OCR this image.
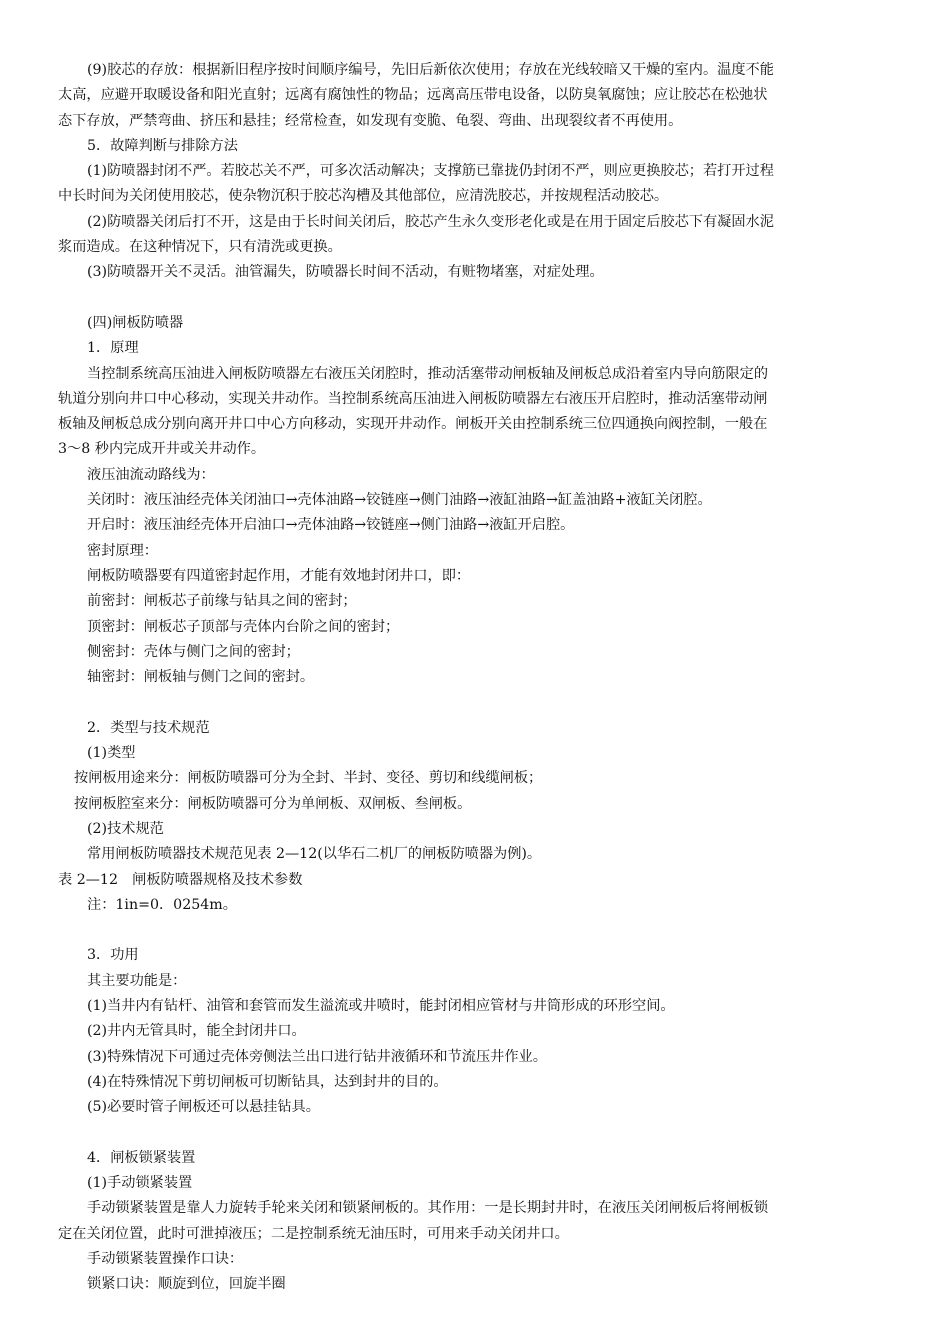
(9)胶芯的存放：根据新旧程序按时间顺序编号，先旧后新依次使用；存放在光线较暗又干燥的室内。温度不能
太高，应避开取暖设备和阳光直射；远离有腐蚀性的物品；远离高压带电设备，以防臭氧腐蚀；应让胶芯在松弛状
态下存放，严禁弯曲、挤压和悬挂；经常检查，如发现有变脆、龟裂、弯曲、出现裂纹者不再使用。
5．故障判断与排除方法
(1)防喷器封闭不严。若胶芯关不严，可多次活动解决；支撑筋已靠拢仍封闭不严，则应更换胶芯；若打开过程
中长时间为关闭使用胶芯，使杂物沉积于胶芯沟槽及其他部位，应清洗胶芯，并按规程活动胶芯。
(2)防喷器关闭后打不开，这是由于长时间关闭后，胶芯产生永久变形老化或是在用于固定后胶芯下有凝固水泥
浆而造成。在这种情况下，只有清洗或更换。
(3)防喷器开关不灵活。油管漏失，防喷器长时间不活动，有赃物堵塞，对症处理。
(四)闸板防喷器
1．原理
当控制系统高压油进入闸板防喷器左右液压关闭腔时，推动活塞带动闸板轴及闸板总成沿着室内导向筋限定的
轨道分别向井口中心移动，实现关井动作。当控制系统高压油进入闸板防喷器左右液压开启腔时，推动活塞带动闸
板轴及闸板总成分别向离开井口中心方向移动，实现开井动作。闸板开关由控制系统三位四通换向阀控制，一般在
3～8 秒内完成开井或关井动作。
液压油流动路线为：
关闭时：液压油经壳体关闭油口→壳体油路→铰链座→侧门油路→液缸油路→缸盖油路+液缸关闭腔。
开启时：液压油经壳体开启油口→壳体油路→铰链座→侧门油路→液缸开启腔。
密封原理：
闸板防喷器要有四道密封起作用，才能有效地封闭井口，即：
前密封：闸板芯子前缘与钻具之间的密封；
顶密封：闸板芯子顶部与壳体内台阶之间的密封；
侧密封：壳体与侧门之间的密封；
轴密封：闸板轴与侧门之间的密封。
2．类型与技术规范
(1)类型
按闸板用途来分：闸板防喷器可分为全封、半封、变径、剪切和线缆闸板；
按闸板腔室来分：闸板防喷器可分为单闸板、双闸板、叁闸板。
(2)技术规范
常用闸板防喷器技术规范见表 2—12(以华石二机厂的闸板防喷器为例)。
表 2—12　闸板防喷器规格及技术参数
注：1in=0．0254m。
3．功用
其主要功能是：
(1)当井内有钻杆、油管和套管而发生溢流或井喷时，能封闭相应管材与井筒形成的环形空间。
(2)井内无管具时，能全封闭井口。
(3)特殊情况下可通过壳体旁侧法兰出口进行钻井液循环和节流压井作业。
(4)在特殊情况下剪切闸板可切断钻具，达到封井的目的。
(5)必要时管子闸板还可以悬挂钻具。
4．闸板锁紧装置
(1)手动锁紧装置
手动锁紧装置是靠人力旋转手轮来关闭和锁紧闸板的。其作用：一是长期封井时，在液压关闭闸板后将闸板锁
定在关闭位置，此时可泄掉液压；二是控制系统无油压时，可用来手动关闭井口。
手动锁紧装置操作口诀：
锁紧口诀：顺旋到位，回旋半圈
